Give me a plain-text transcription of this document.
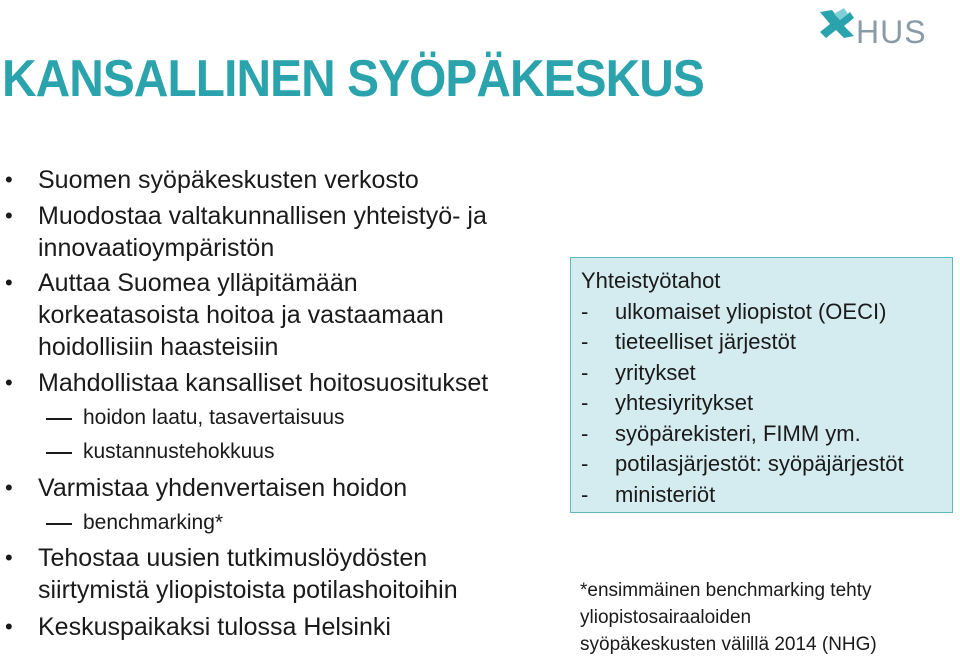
HUS
KANSALLINEN SYÖPÄKESKUS
• Suomen syöpäkeskusten verkosto
• Muodostaa valtakunnallisen yhteistyö- ja
innovaatioympäristön
• Auttaa Suomea ylläpitämään
korkeatasoista hoitoa ja vastaamaan
hoidollisiin haasteisiin
• Mahdollistaa kansalliset hoitosuositukset
hoidon laatu, tasavertaisuus
kustannustehokkuus
• Varmistaa yhdenvertaisen hoidon
benchmarking*
• Tehostaa uusien tutkimuslöydösten
siirtymistä yliopistoista potilashoitoihin
• Keskuspaikaksi tulossa Helsinki
Yhteistyötahot
- ulkomaiset yliopistot (OECI)
- tieteelliset järjestöt
- yritykset
- yhtesiyritykset
- syöpärekisteri, FIMM ym.
- potilasjärjestöt: syöpäjärjestöt
- ministeriöt
*ensimmäinen benchmarking tehty
yliopistosairaaloiden
syöpäkeskusten välillä 2014 (NHG)
